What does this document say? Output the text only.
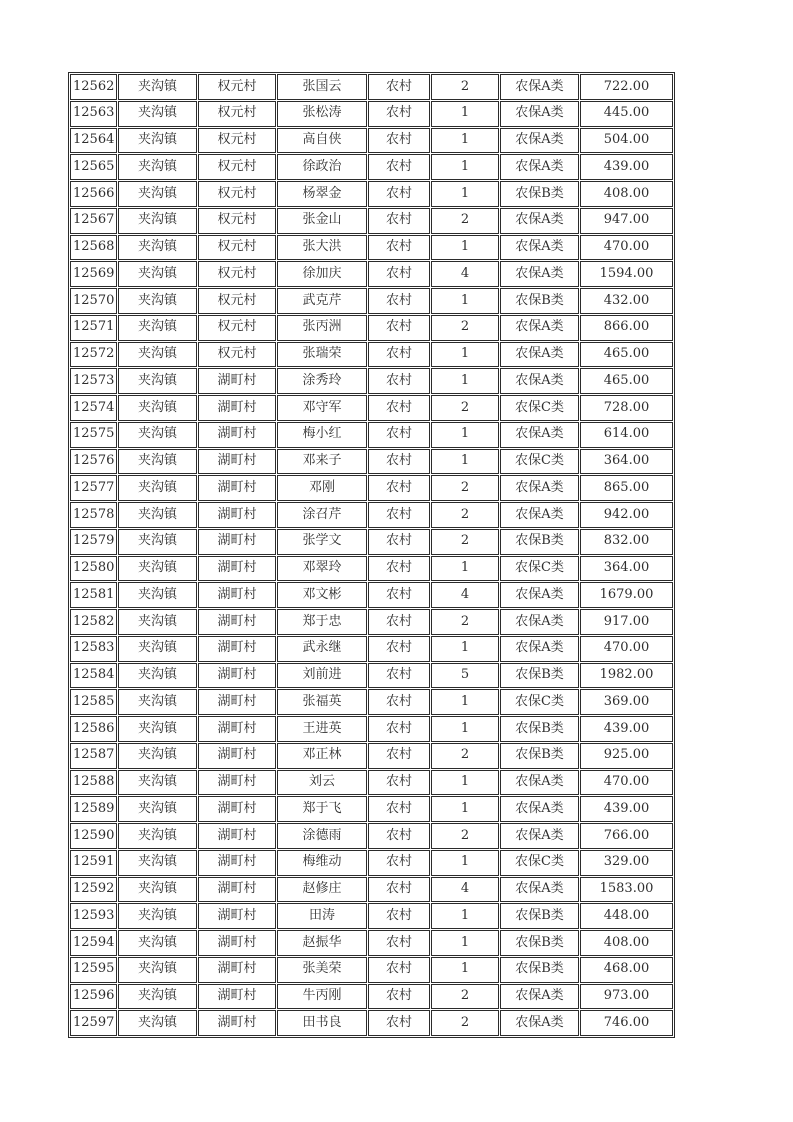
12562	夹沟镇	权元村	张国云	农村	2	农保A类	722.00
12563	夹沟镇	权元村	张松涛	农村	1	农保A类	445.00
12564	夹沟镇	权元村	高自侠	农村	1	农保A类	504.00
12565	夹沟镇	权元村	徐政治	农村	1	农保A类	439.00
12566	夹沟镇	权元村	杨翠金	农村	1	农保B类	408.00
12567	夹沟镇	权元村	张金山	农村	2	农保A类	947.00
12568	夹沟镇	权元村	张大洪	农村	1	农保A类	470.00
12569	夹沟镇	权元村	徐加庆	农村	4	农保A类	1594.00
12570	夹沟镇	权元村	武克芹	农村	1	农保B类	432.00
12571	夹沟镇	权元村	张丙洲	农村	2	农保A类	866.00
12572	夹沟镇	权元村	张瑞荣	农村	1	农保A类	465.00
12573	夹沟镇	湖町村	涂秀玲	农村	1	农保A类	465.00
12574	夹沟镇	湖町村	邓守军	农村	2	农保C类	728.00
12575	夹沟镇	湖町村	梅小红	农村	1	农保A类	614.00
12576	夹沟镇	湖町村	邓来子	农村	1	农保C类	364.00
12577	夹沟镇	湖町村	邓刚	农村	2	农保A类	865.00
12578	夹沟镇	湖町村	涂召芹	农村	2	农保A类	942.00
12579	夹沟镇	湖町村	张学文	农村	2	农保B类	832.00
12580	夹沟镇	湖町村	邓翠玲	农村	1	农保C类	364.00
12581	夹沟镇	湖町村	邓文彬	农村	4	农保A类	1679.00
12582	夹沟镇	湖町村	郑于忠	农村	2	农保A类	917.00
12583	夹沟镇	湖町村	武永继	农村	1	农保A类	470.00
12584	夹沟镇	湖町村	刘前进	农村	5	农保B类	1982.00
12585	夹沟镇	湖町村	张福英	农村	1	农保C类	369.00
12586	夹沟镇	湖町村	王进英	农村	1	农保B类	439.00
12587	夹沟镇	湖町村	邓正林	农村	2	农保B类	925.00
12588	夹沟镇	湖町村	刘云	农村	1	农保A类	470.00
12589	夹沟镇	湖町村	郑于飞	农村	1	农保A类	439.00
12590	夹沟镇	湖町村	涂德雨	农村	2	农保A类	766.00
12591	夹沟镇	湖町村	梅维动	农村	1	农保C类	329.00
12592	夹沟镇	湖町村	赵修庄	农村	4	农保A类	1583.00
12593	夹沟镇	湖町村	田涛	农村	1	农保B类	448.00
12594	夹沟镇	湖町村	赵振华	农村	1	农保B类	408.00
12595	夹沟镇	湖町村	张美荣	农村	1	农保B类	468.00
12596	夹沟镇	湖町村	牛丙刚	农村	2	农保A类	973.00
12597	夹沟镇	湖町村	田书良	农村	2	农保A类	746.00
